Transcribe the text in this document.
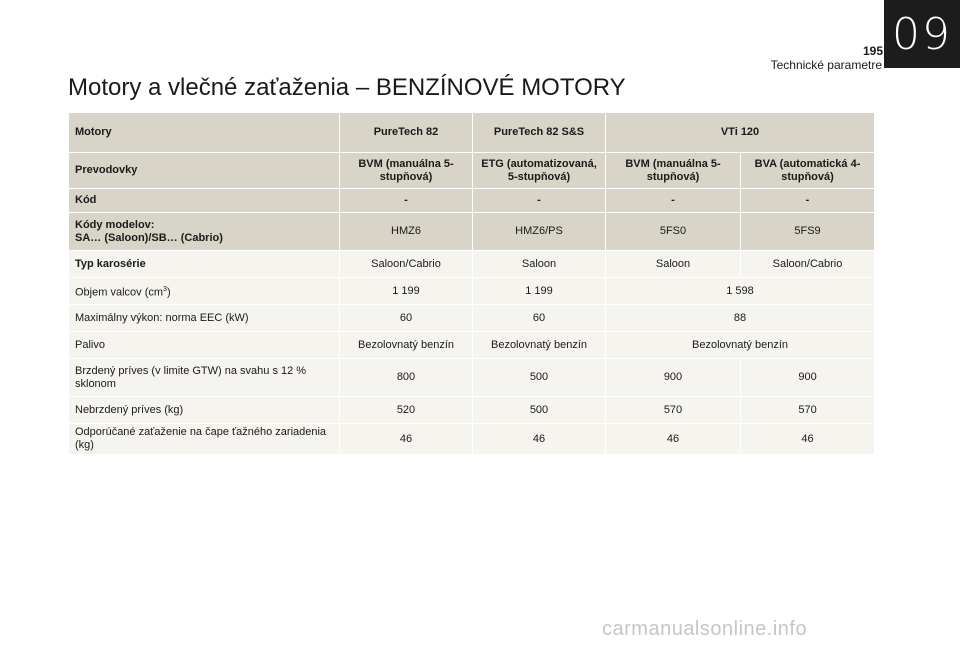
09
195
Technické parametre
Motory a vlečné zaťaženia – BENZÍNOVÉ MOTORY
Motory	PureTech 82	PureTech 82 S&S	VTi 120	
Prevodovky	BVM (manuálna 5-stupňová)	ETG (automatizovaná, 5-stupňová)	BVM (manuálna 5-stupňová)	BVA (automatická 4-stupňová)
Kód	-	-	-	-
Kódy modelov:
SA… (Saloon)/SB… (Cabrio)	HMZ6	HMZ6/PS	5FS0	5FS9
Typ karosérie	Saloon/Cabrio	Saloon	Saloon	Saloon/Cabrio
Objem valcov $(cm^3)$	1 199	1 199	1 598	
Maximálny výkon: norma EEC (kW)	60	60	88	
Palivo	Bezolovnatý benzín	Bezolovnatý benzín	Bezolovnatý benzín	
Brzdený príves (v limite GTW) na svahu s 12 % sklonom	800	500	900	900
Nebrzdený príves (kg)	520	500	570	570
Odporúčané zaťaženie na čape ťažného zariadenia (kg)	46	46	46	46
carmanualsonline.info
